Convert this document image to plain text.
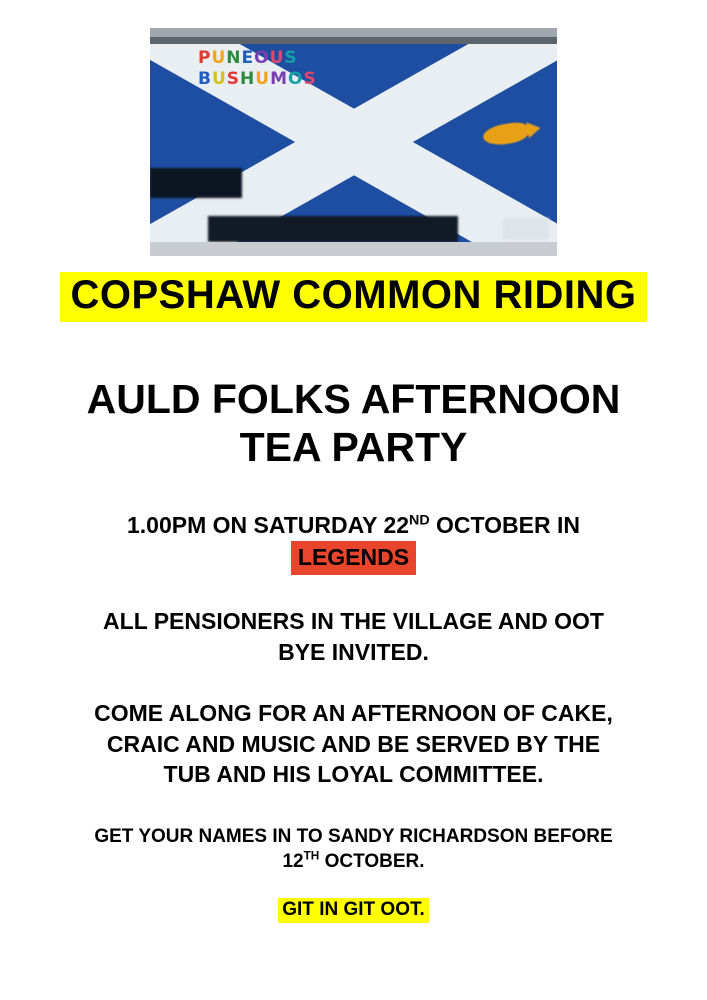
PUNEOUS
BUSHUMOS
COPSHAW COMMON RIDING
AULD FOLKS AFTERNOON
TEA PARTY
1.00PM ON SATURDAY 22ND OCTOBER IN
LEGENDS
ALL PENSIONERS IN THE VILLAGE AND OOT
BYE INVITED.
COME ALONG FOR AN AFTERNOON OF CAKE,
CRAIC AND MUSIC AND BE SERVED BY THE
TUB AND HIS LOYAL COMMITTEE.
GET YOUR NAMES IN TO SANDY RICHARDSON BEFORE
12TH OCTOBER.
GIT IN GIT OOT.
